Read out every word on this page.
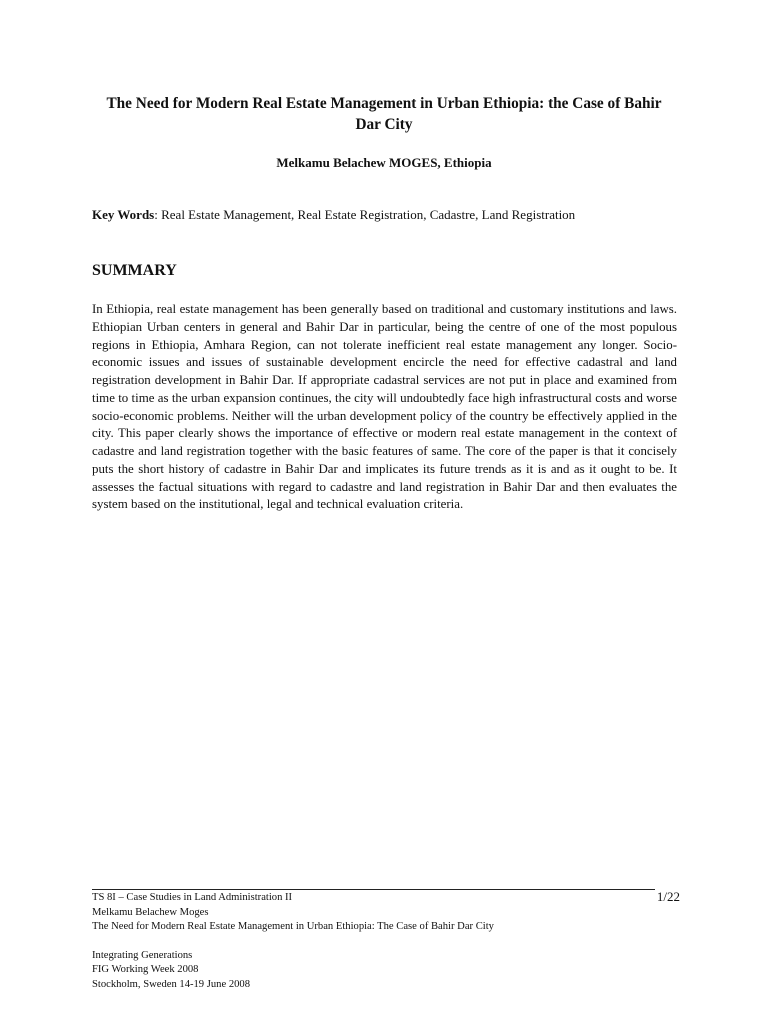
The Need for Modern Real Estate Management in Urban Ethiopia: the Case of Bahir Dar City
Melkamu Belachew MOGES, Ethiopia
Key Words: Real Estate Management, Real Estate Registration, Cadastre, Land Registration
SUMMARY
In Ethiopia, real estate management has been generally based on traditional and customary institutions and laws. Ethiopian Urban centers in general and Bahir Dar in particular, being the centre of one of the most populous regions in Ethiopia, Amhara Region, can not tolerate inefficient real estate management any longer. Socio-economic issues and issues of sustainable development encircle the need for effective cadastral and land registration development in Bahir Dar. If appropriate cadastral services are not put in place and examined from time to time as the urban expansion continues, the city will undoubtedly face high infrastructural costs and worse socio-economic problems. Neither will the urban development policy of the country be effectively applied in the city. This paper clearly shows the importance of effective or modern real estate management in the context of cadastre and land registration together with the basic features of same. The core of the paper is that it concisely puts the short history of cadastre in Bahir Dar and implicates its future trends as it is and as it ought to be. It assesses the factual situations with regard to cadastre and land registration in Bahir Dar and then evaluates the system based on the institutional, legal and technical evaluation criteria.
1/22
TS 8I – Case Studies in Land Administration II
Melkamu Belachew Moges
The Need for Modern Real Estate Management in Urban Ethiopia: The Case of Bahir Dar City
Integrating Generations
FIG Working Week 2008
Stockholm, Sweden 14-19 June 2008
